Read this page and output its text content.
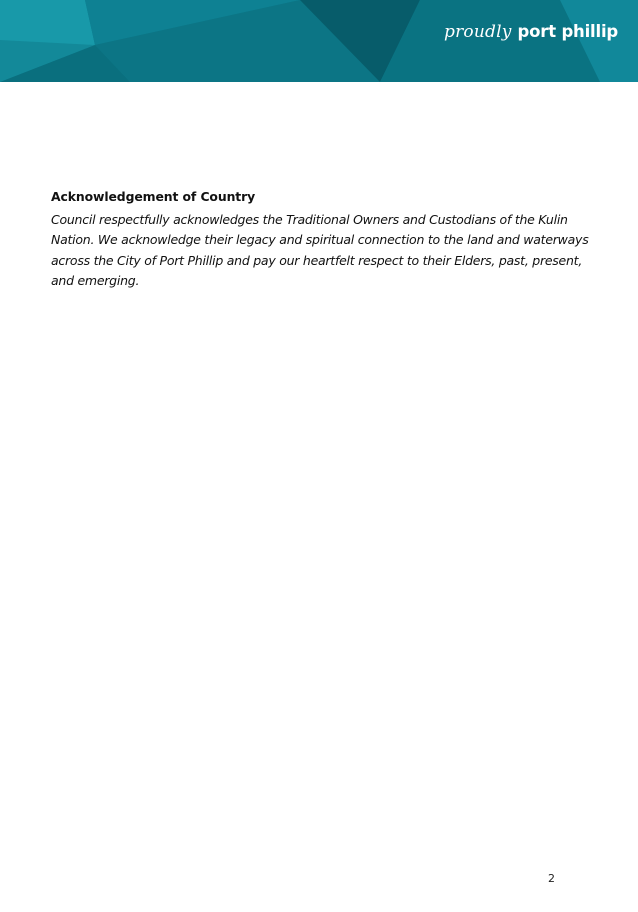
proudly port phillip
Acknowledgement of Country

Council respectfully acknowledges the Traditional Owners and Custodians of the Kulin Nation. We acknowledge their legacy and spiritual connection to the land and waterways across the City of Port Phillip and pay our heartfelt respect to their Elders, past, present, and emerging.

2
